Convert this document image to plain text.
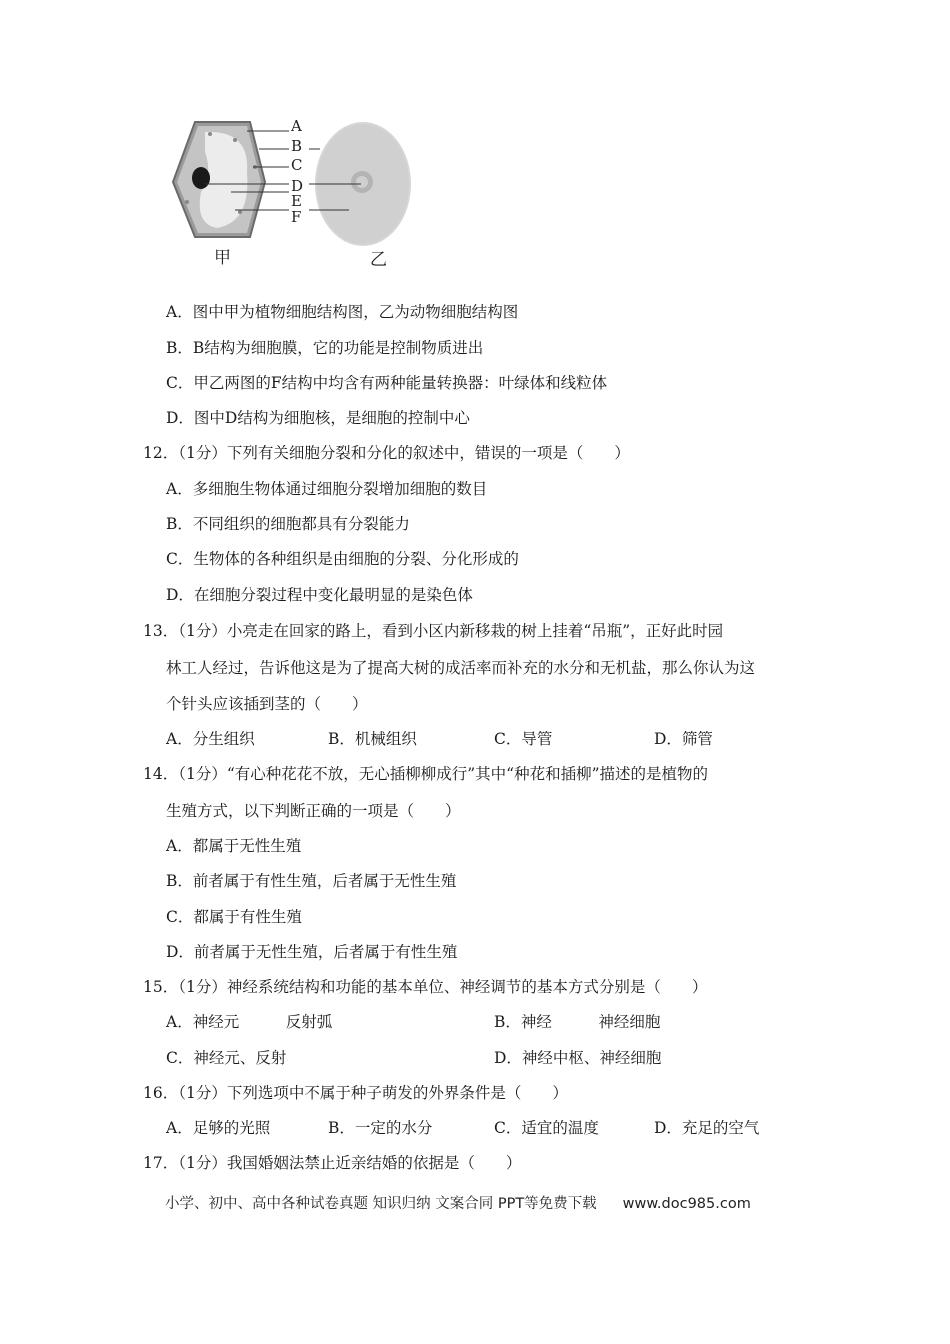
A
B
C
D
E
F
甲	乙
A．图中甲为植物细胞结构图，乙为动物细胞结构图
B．B结构为细胞膜，它的功能是控制物质进出
C．甲乙两图的F结构中均含有两种能量转换器：叶绿体和线粒体
D．图中D结构为细胞核，是细胞的控制中心
12．（1分）下列有关细胞分裂和分化的叙述中，错误的一项是（　　）
A．多细胞生物体通过细胞分裂增加细胞的数目
B．不同组织的细胞都具有分裂能力
C．生物体的各种组织是由细胞的分裂、分化形成的
D．在细胞分裂过程中变化最明显的是染色体
13．（1分）小亮走在回家的路上，看到小区内新移栽的树上挂着“吊瓶”，正好此时园
林工人经过，告诉他这是为了提高大树的成活率而补充的水分和无机盐，那么你认为这
个针头应该插到茎的（　　）
A．分生组织	B．机械组织	C．导管	D．筛管
14．（1分）“有心种花花不放，无心插柳柳成行”其中“种花和插柳”描述的是植物的
生殖方式，以下判断正确的一项是（　　）
A．都属于无性生殖
B．前者属于有性生殖，后者属于无性生殖
C．都属于有性生殖
D．前者属于无性生殖，后者属于有性生殖
15．（1分）神经系统结构和功能的基本单位、神经调节的基本方式分别是（　　）
A．神经元　　　反射弧	B．神经　　　神经细胞
C．神经元、反射	D．神经中枢、神经细胞
16．（1分）下列选项中不属于种子萌发的外界条件是（　　）
A．足够的光照	B．一定的水分	C．适宜的温度	D．充足的空气
17．（1分）我国婚姻法禁止近亲结婚的依据是（　　）
小学、初中、高中各种试卷真题 知识归纳 文案合同 PPT等免费下载 www.doc985.com
